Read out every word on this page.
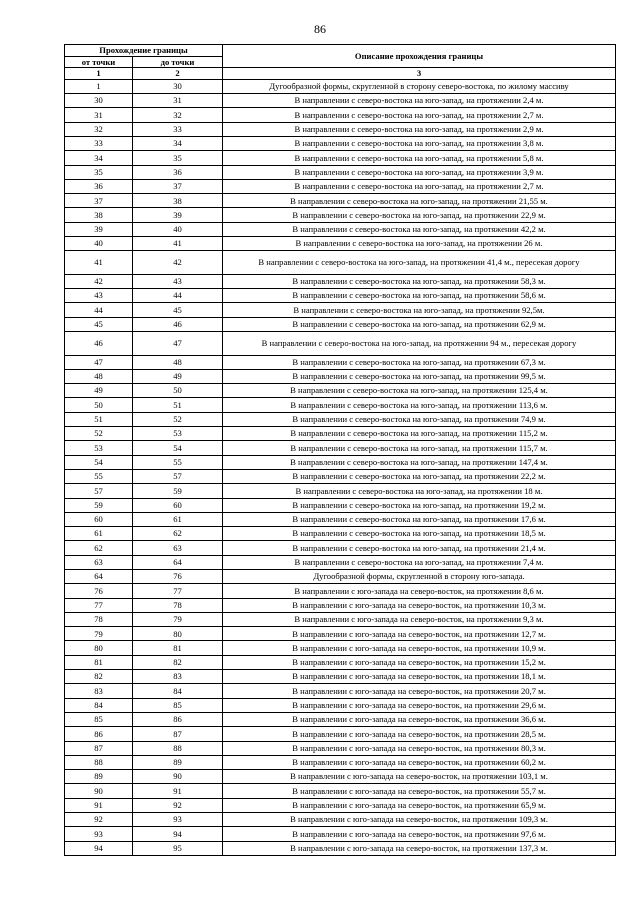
86
Прохождение границы		Описание прохождения границы
от точки	до точки	
1	2	3
1	30	Дугообразной формы, скругленной в сторону северо-востока, по жилому массиву
30	31	В направлении с северо-востока на юго-запад, на протяжении 2,4 м.
31	32	В направлении с северо-востока на юго-запад, на протяжении 2,7 м.
32	33	В направлении с северо-востока на юго-запад, на протяжении 2,9 м.
33	34	В направлении с северо-востока на юго-запад, на протяжении 3,8 м.
34	35	В направлении с северо-востока на юго-запад, на протяжении 5,8 м.
35	36	В направлении с северо-востока на юго-запад, на протяжении 3,9 м.
36	37	В направлении с северо-востока на юго-запад, на протяжении 2,7 м.
37	38	В направлении с северо-востока на юго-запад, на протяжении 21,55 м.
38	39	В направлении с северо-востока на юго-запад, на протяжении 22,9 м.
39	40	В направлении с северо-востока на юго-запад, на протяжении 42,2 м.
40	41	В направлении с северо-востока на юго-запад, на протяжении 26 м.
41	42	В направлении с северо-востока на юго-запад, на протяжении 41,4 м., пересекая дорогу
42	43	В направлении с северо-востока на юго-запад, на протяжении 58,3 м.
43	44	В направлении с северо-востока на юго-запад, на протяжении 58,6 м.
44	45	В направлении с северо-востока на юго-запад, на протяжении 92,5м.
45	46	В направлении с северо-востока на юго-запад, на протяжении 62,9 м.
46	47	В направлении с северо-востока на юго-запад, на протяжении 94 м., пересекая дорогу
47	48	В направлении с северо-востока на юго-запад, на протяжении 67,3 м.
48	49	В направлении с северо-востока на юго-запад, на протяжении 99,5 м.
49	50	В направлении с северо-востока на юго-запад, на протяжении 125,4 м.
50	51	В направлении с северо-востока на юго-запад, на протяжении 113,6 м.
51	52	В направлении с северо-востока на юго-запад, на протяжении 74,9 м.
52	53	В направлении с северо-востока на юго-запад, на протяжении 115,2 м.
53	54	В направлении с северо-востока на юго-запад, на протяжении 115,7 м.
54	55	В направлении с северо-востока на юго-запад, на протяжении 147,4 м.
55	57	В направлении с северо-востока на юго-запад, на протяжении 22,2 м.
57	59	В направлении с северо-востока на юго-запад, на протяжении 18 м.
59	60	В направлении с северо-востока на юго-запад, на протяжении 19,2 м.
60	61	В направлении с северо-востока на юго-запад, на протяжении 17,6 м.
61	62	В направлении с северо-востока на юго-запад, на протяжении 18,5 м.
62	63	В направлении с северо-востока на юго-запад, на протяжении 21,4 м.
63	64	В направлении с северо-востока на юго-запад, на протяжении 7,4 м.
64	76	Дугообразной формы, скругленной в сторону юго-запада.
76	77	В направлении с юго-запада на северо-восток, на протяжении 8,6 м.
77	78	В направлении с юго-запада на северо-восток, на протяжении 10,3 м.
78	79	В направлении с юго-запада на северо-восток, на протяжении 9,3 м.
79	80	В направлении с юго-запада на северо-восток, на протяжении 12,7 м.
80	81	В направлении с юго-запада на северо-восток, на протяжении 10,9 м.
81	82	В направлении с юго-запада на северо-восток, на протяжении 15,2 м.
82	83	В направлении с юго-запада на северо-восток, на протяжении 18,1 м.
83	84	В направлении с юго-запада на северо-восток, на протяжении 20,7 м.
84	85	В направлении с юго-запада на северо-восток, на протяжении 29,6 м.
85	86	В направлении с юго-запада на северо-восток, на протяжении 36,6 м.
86	87	В направлении с юго-запада на северо-восток, на протяжении 28,5 м.
87	88	В направлении с юго-запада на северо-восток, на протяжении 80,3 м.
88	89	В направлении с юго-запада на северо-восток, на протяжении 60,2 м.
89	90	В направлении с юго-запада на северо-восток, на протяжении 103,1 м.
90	91	В направлении с юго-запада на северо-восток, на протяжении 55,7 м.
91	92	В направлении с юго-запада на северо-восток, на протяжении 65,9 м.
92	93	В направлении с юго-запада на северо-восток, на протяжении 109,3 м.
93	94	В направлении с юго-запада на северо-восток, на протяжении 97,6 м.
94	95	В направлении с юго-запада на северо-восток, на протяжении 137,3 м.
